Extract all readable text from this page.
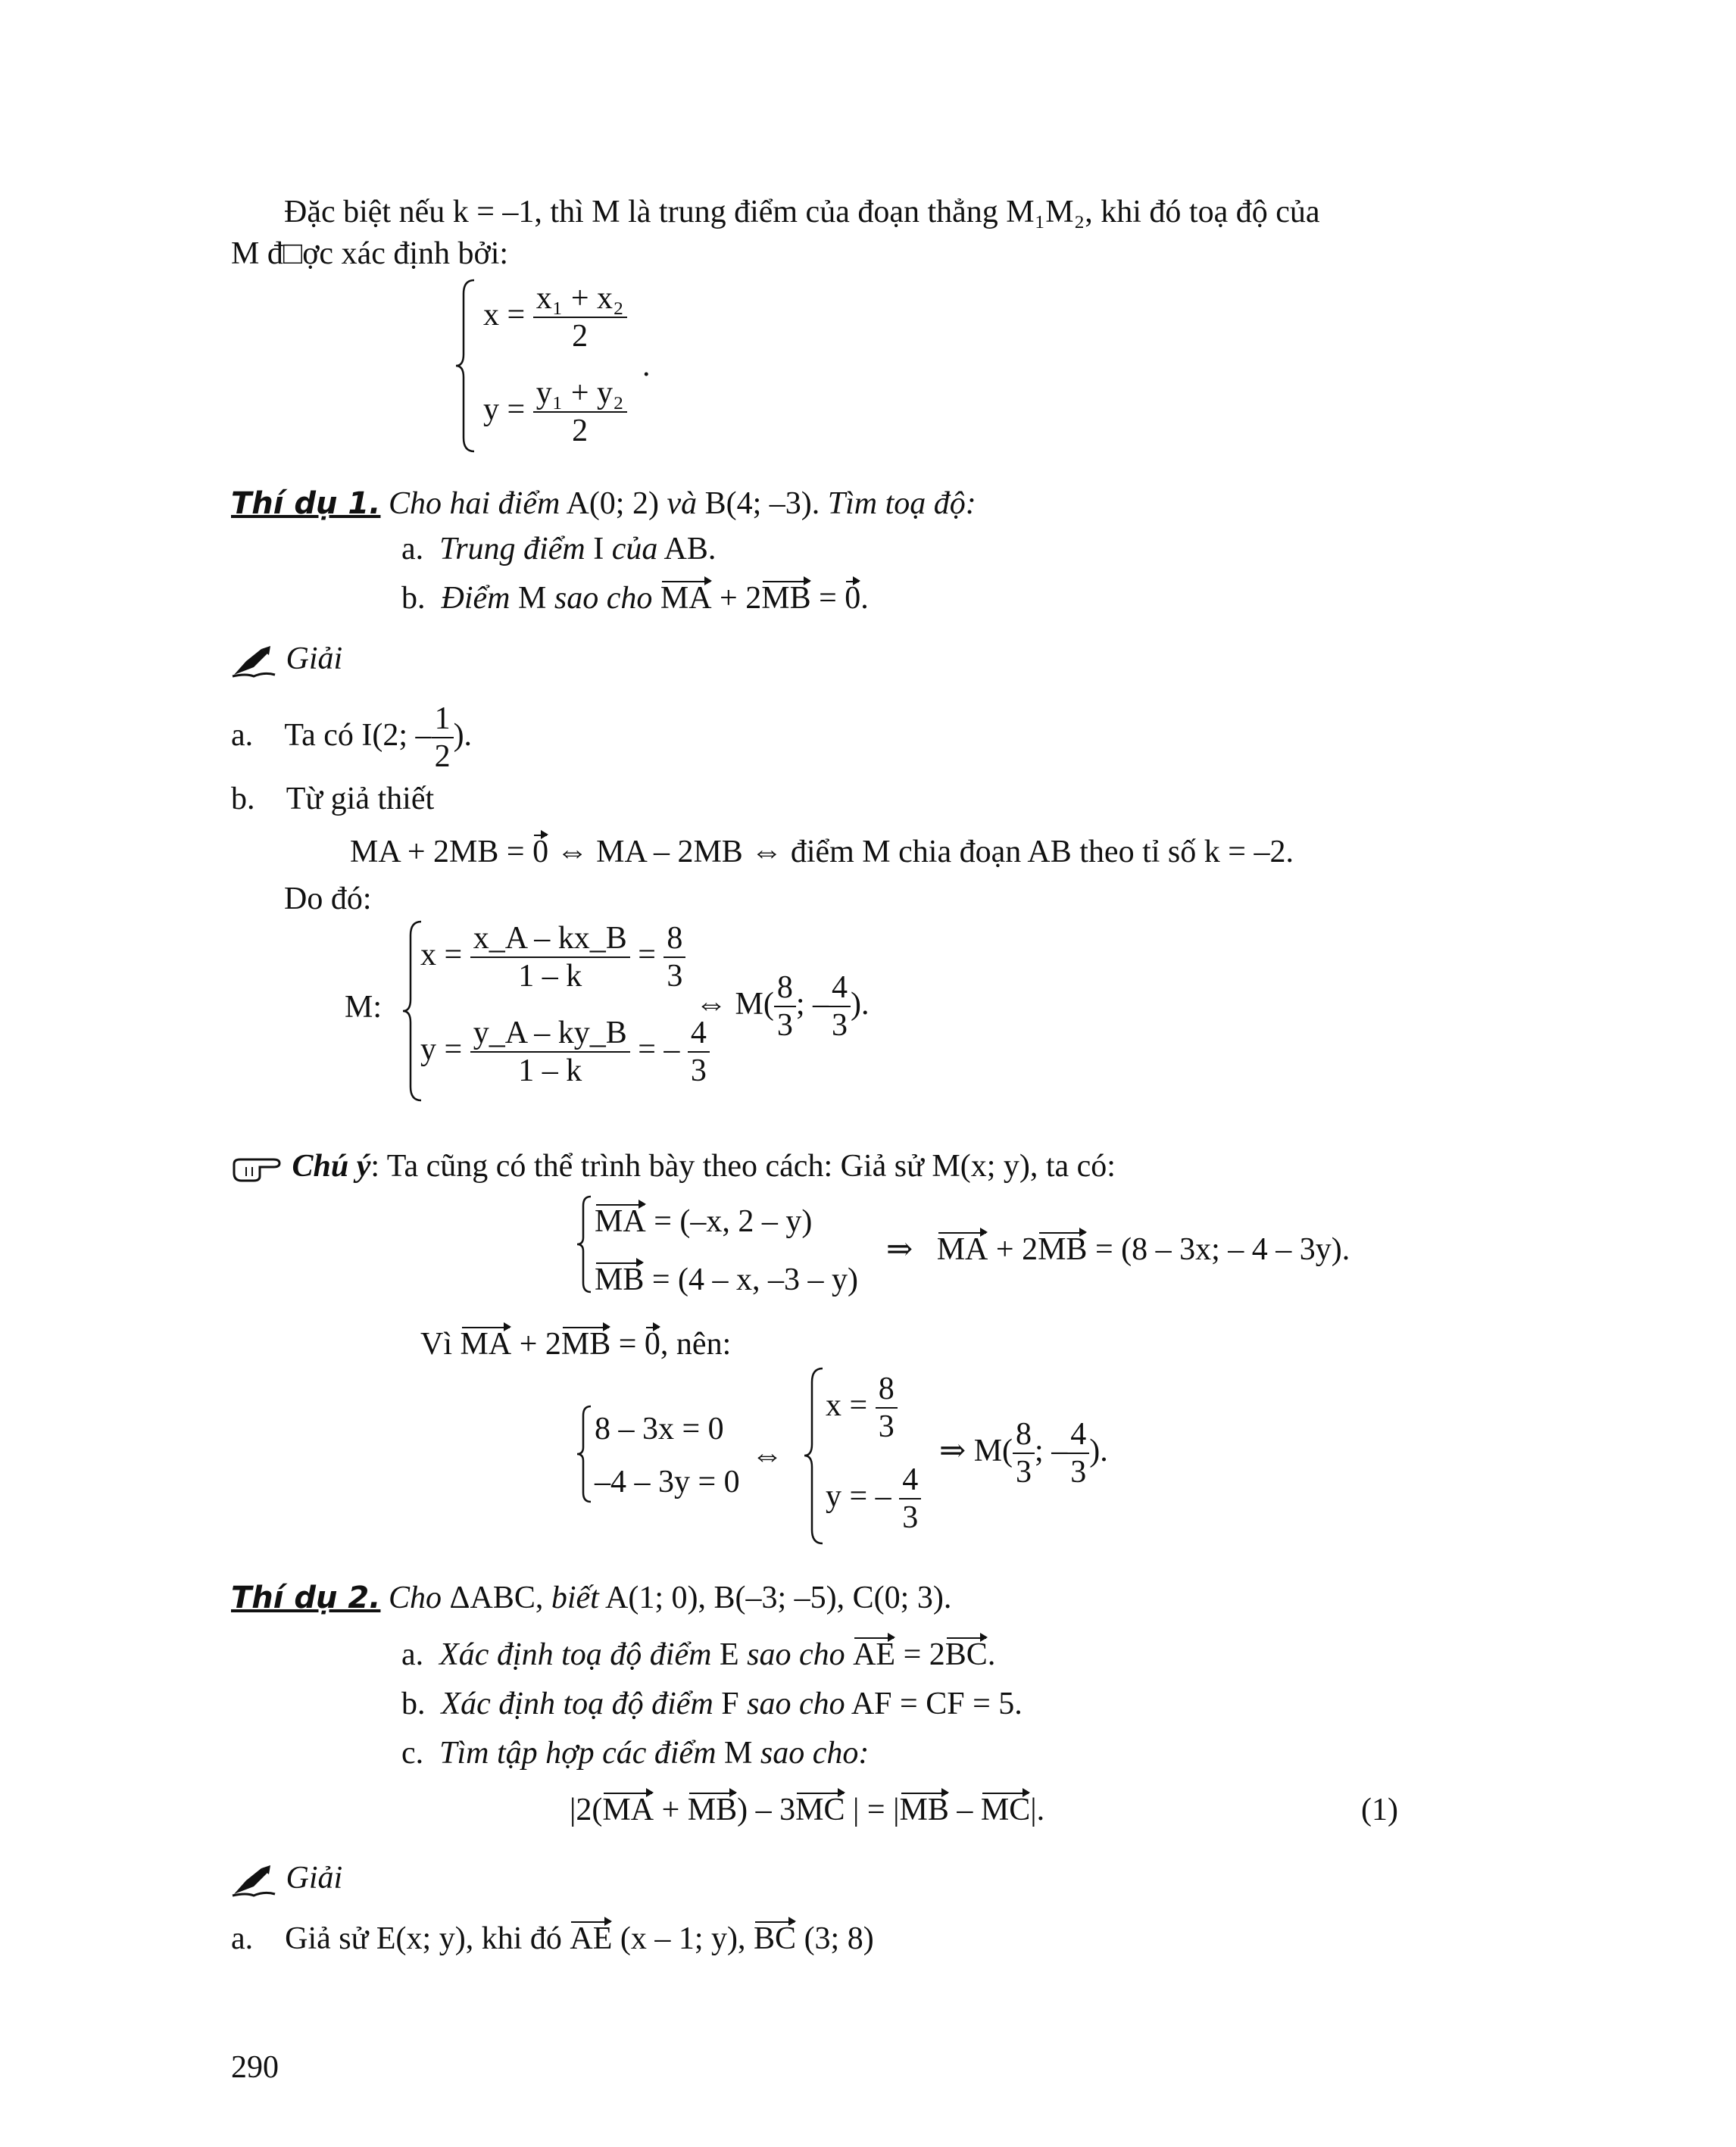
Đặc biệt nếu k = –1, thì M là trung điểm của đoạn thẳng M₁M₂, khi đó toạ độ của
M đ□ợc xác định bởi:
$x = \frac{\text{x₁ + x₂}}{2}$
$y = \frac{\text{y₁ + y₂}}{2}$
.
Thí dụ 1. Cho hai điểm A(0; 2) và B(4; –3). Tìm toạ độ:
a. Trung điểm I của AB.
b. Điểm M sao cho MA + 2MB = 0.
Giải
a. Ta có I(2; – $\frac{1}{2}$ ).
b. Từ giả thiết
MA + 2MB = 0 ⇔ MA – 2MB ⇔ điểm M chia đoạn AB theo tỉ số k = –2.
Do đó:
M:
$x = \frac{x\_A - kx\_B}{1 - k} = \frac{8}{3}$
$y = \frac{y\_A - ky\_B}{1 - k}$ = – $\frac{4}{3}$
⇔ $M( \frac{8}{3}$ ; – $\frac{4}{3}$ ).
Chú ý: Ta cũng có thể trình bày theo cách: Giả sử M(x; y), ta có:
MA = (–x, 2 – y)
MB = (4 – x, –3 – y)
⇒ MA + 2MB = (8 – 3x; – 4 – 3y).
Vì MA + 2MB = 0, nên:
8 – 3x = 0
–4 – 3y = 0
⇔
$x = \frac{8}{3}$
y = – $\frac{4}{3}$
⇒ $M( \frac{8}{3}$ ; – $\frac{4}{3}$ ).
Thí dụ 2. Cho ΔABC, biết A(1; 0), B(–3; –5), C(0; 3).
a. Xác định toạ độ điểm E sao cho AE = 2BC.
b. Xác định toạ độ điểm F sao cho AF = CF = 5.
c. Tìm tập hợp các điểm M sao cho:
|2(MA + MB) – 3MC | = |MB – MC|.	(1)
Giải
a. Giả sử E(x; y), khi đó AE (x – 1; y), BC (3; 8)
290
